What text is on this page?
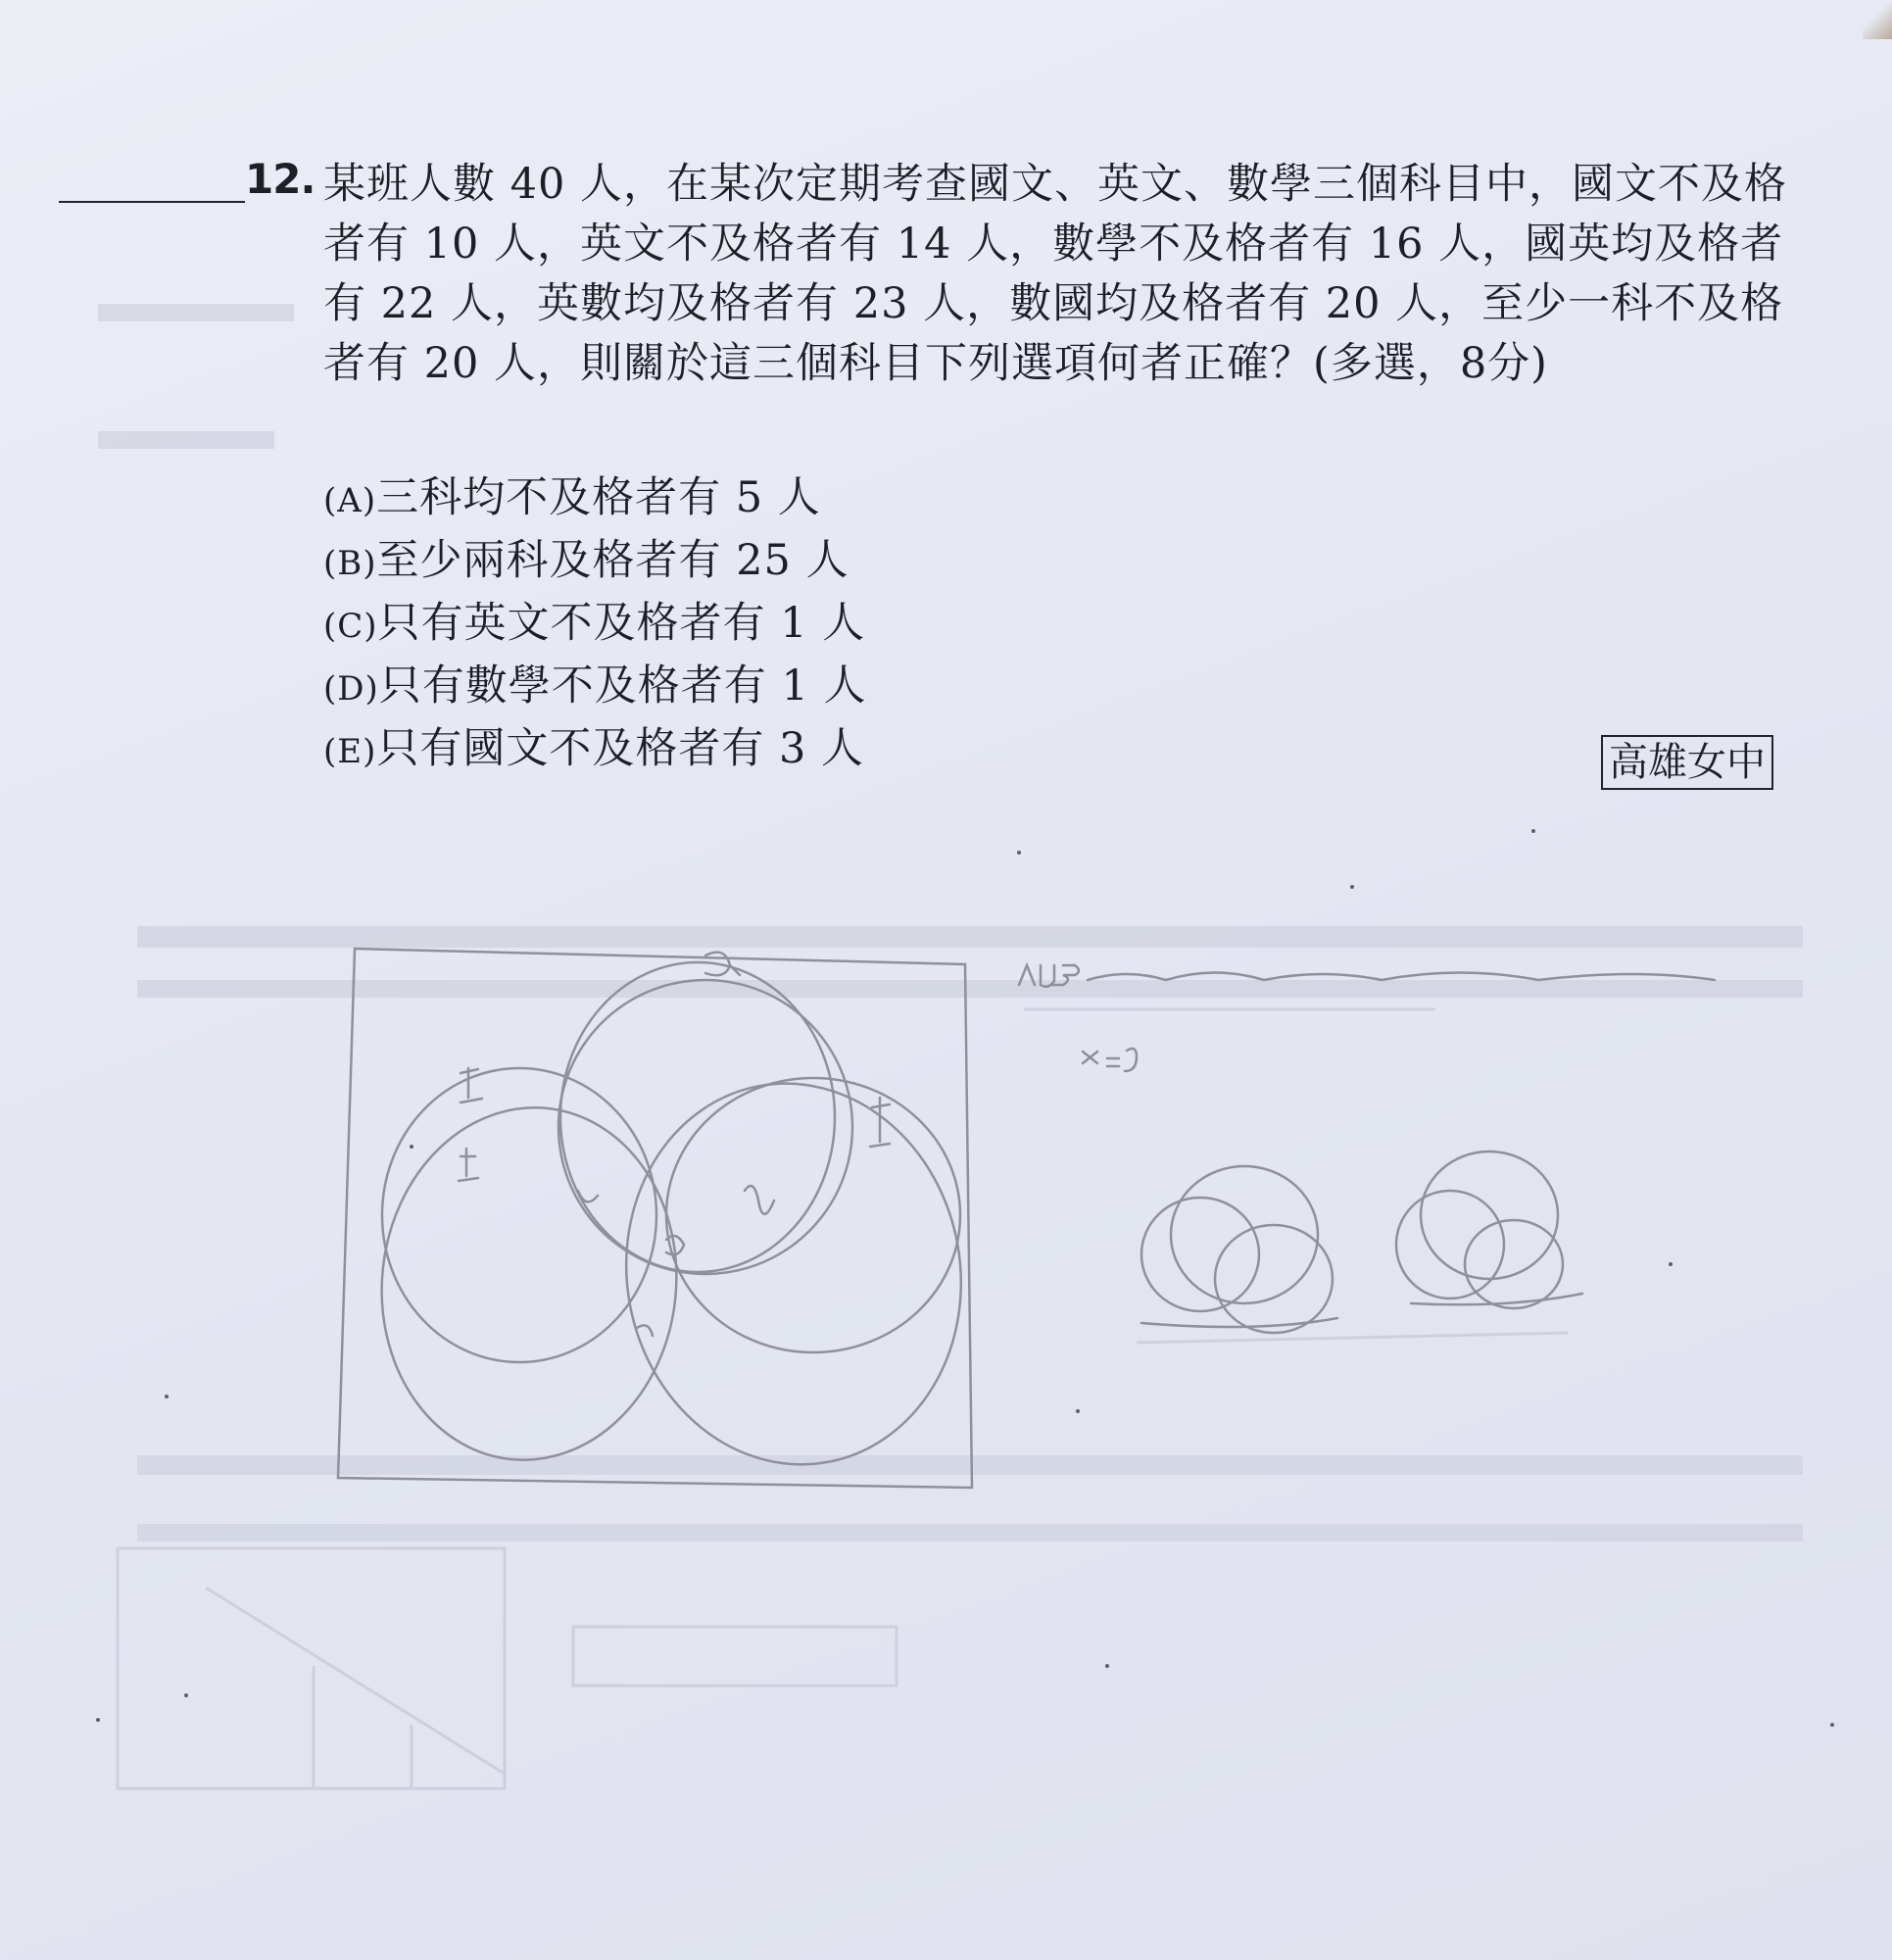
12. 某班人數 40 人，在某次定期考查國文、英文、數學三個科目中，國文不及格者有 10 人，英文不及格者有 14 人，數學不及格者有 16 人，國英均及格者有 22 人，英數均及格者有 23 人，數國均及格者有 20 人，至少一科不及格者有 20 人，則關於這三個科目下列選項何者正確？(多選，8分)
(A)三科均不及格者有 5 人
(B)至少兩科及格者有 25 人
(C)只有英文不及格者有 1 人
(D)只有數學不及格者有 1 人
(E)只有國文不及格者有 3 人	高雄女中
